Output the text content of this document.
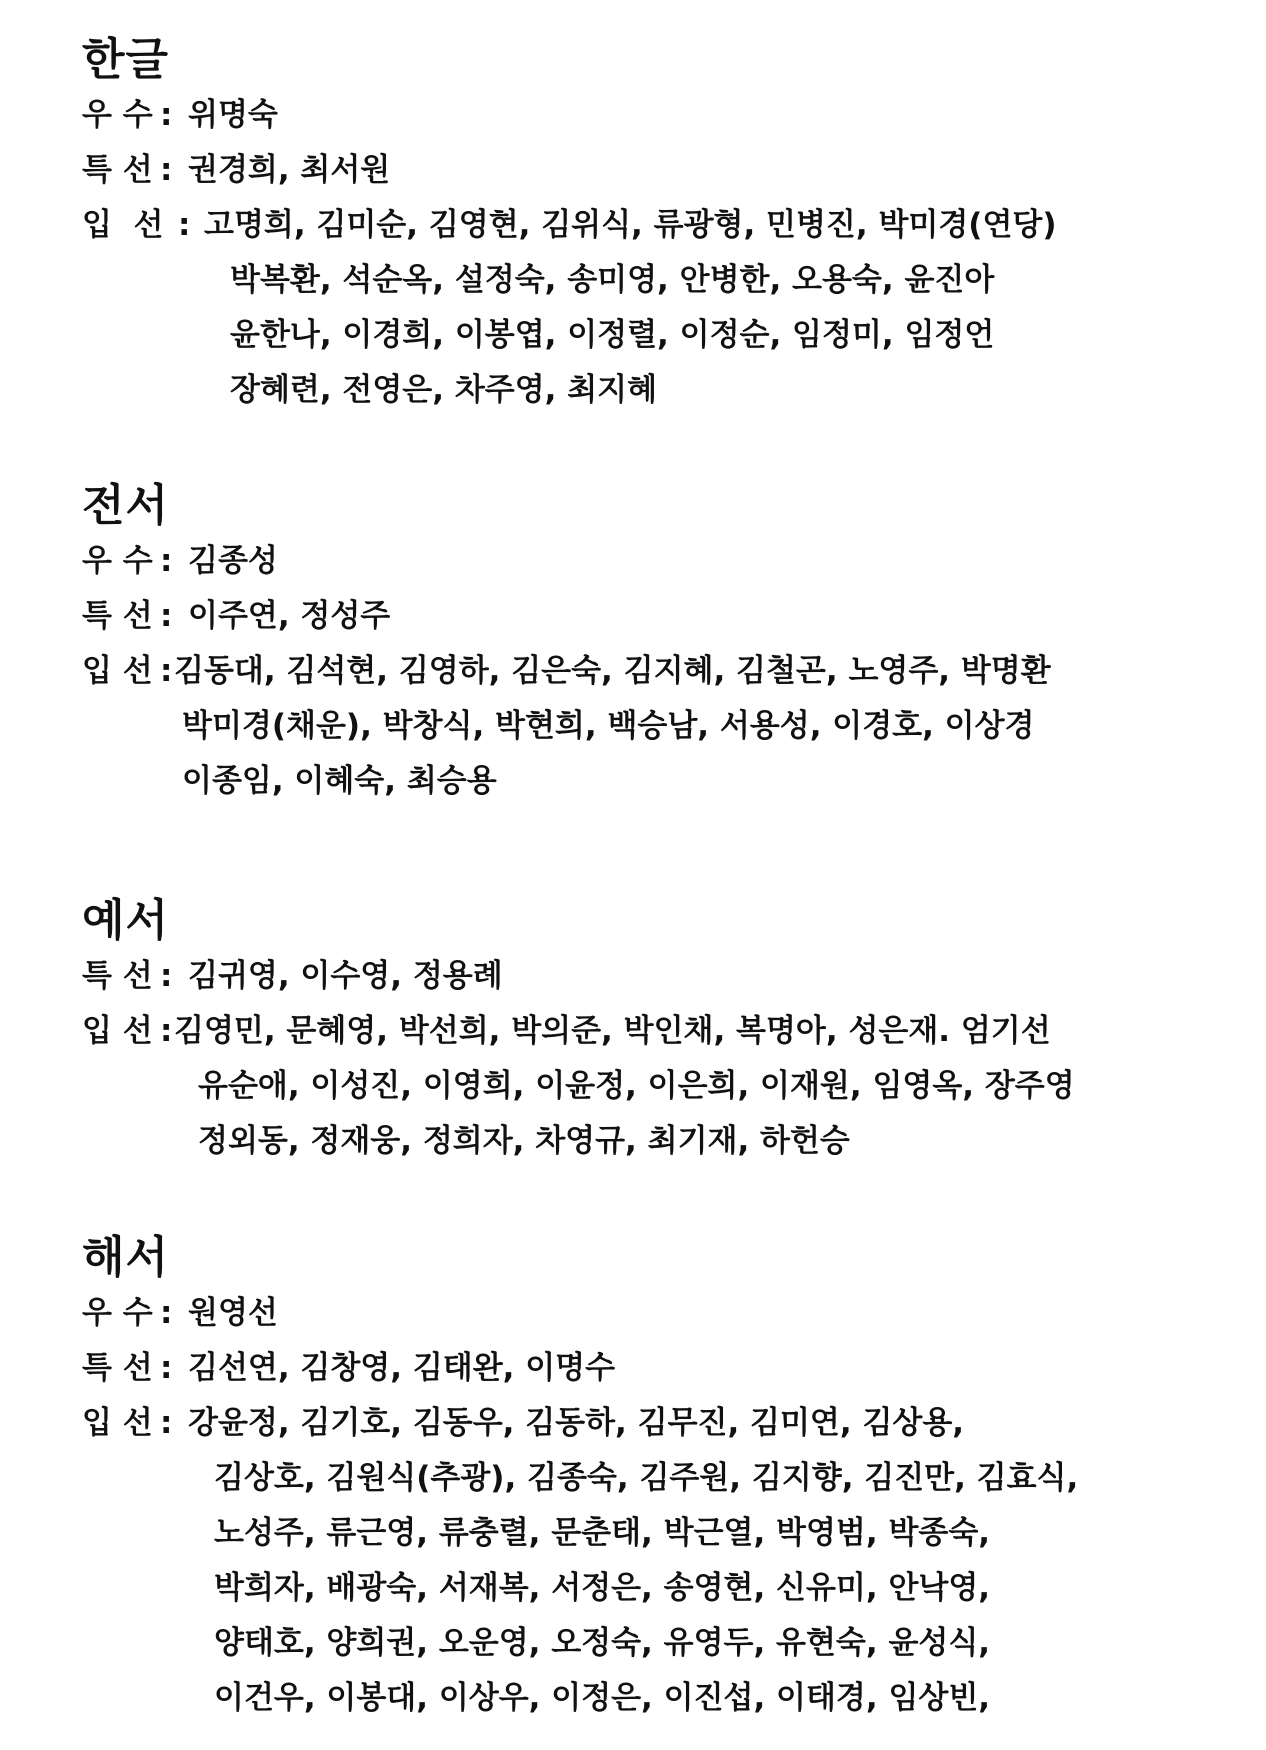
한글
우 수 : 위명숙
특 선 : 권경희, 최서원
입  선 : 고명희, 김미순, 김영현, 김위식, 류광형, 민병진, 박미경(연당)
박복환, 석순옥, 설정숙, 송미영, 안병한, 오용숙, 윤진아
윤한나, 이경희, 이봉엽, 이정렬, 이정순, 임정미, 임정언
장혜련, 전영은, 차주영, 최지혜
전서
우 수 : 김종성
특 선 : 이주연, 정성주
입 선 : 김동대, 김석현, 김영하, 김은숙, 김지혜, 김철곤, 노영주, 박명환
박미경(채운), 박창식, 박현희, 백승남, 서용성, 이경호, 이상경
이종임, 이혜숙, 최승용
예서
특 선 : 김귀영, 이수영, 정용례
입 선 : 김영민, 문혜영, 박선희, 박의준, 박인채, 복명아, 성은재. 엄기선
유순애, 이성진, 이영희, 이윤정, 이은희, 이재원, 임영옥, 장주영
정외동, 정재웅, 정희자, 차영규, 최기재, 하헌승
해서
우 수 : 원영선
특 선 : 김선연, 김창영, 김태완, 이명수
입 선 : 강윤정, 김기호, 김동우, 김동하, 김무진, 김미연, 김상용,
김상호, 김원식(추광), 김종숙, 김주원, 김지향, 김진만, 김효식,
노성주, 류근영, 류충렬, 문춘태, 박근열, 박영범, 박종숙,
박희자, 배광숙, 서재복, 서정은, 송영현, 신유미, 안낙영,
양태호, 양희권, 오운영, 오정숙, 유영두, 유현숙, 윤성식,
이건우, 이봉대, 이상우, 이정은, 이진섭, 이태경, 임상빈,
